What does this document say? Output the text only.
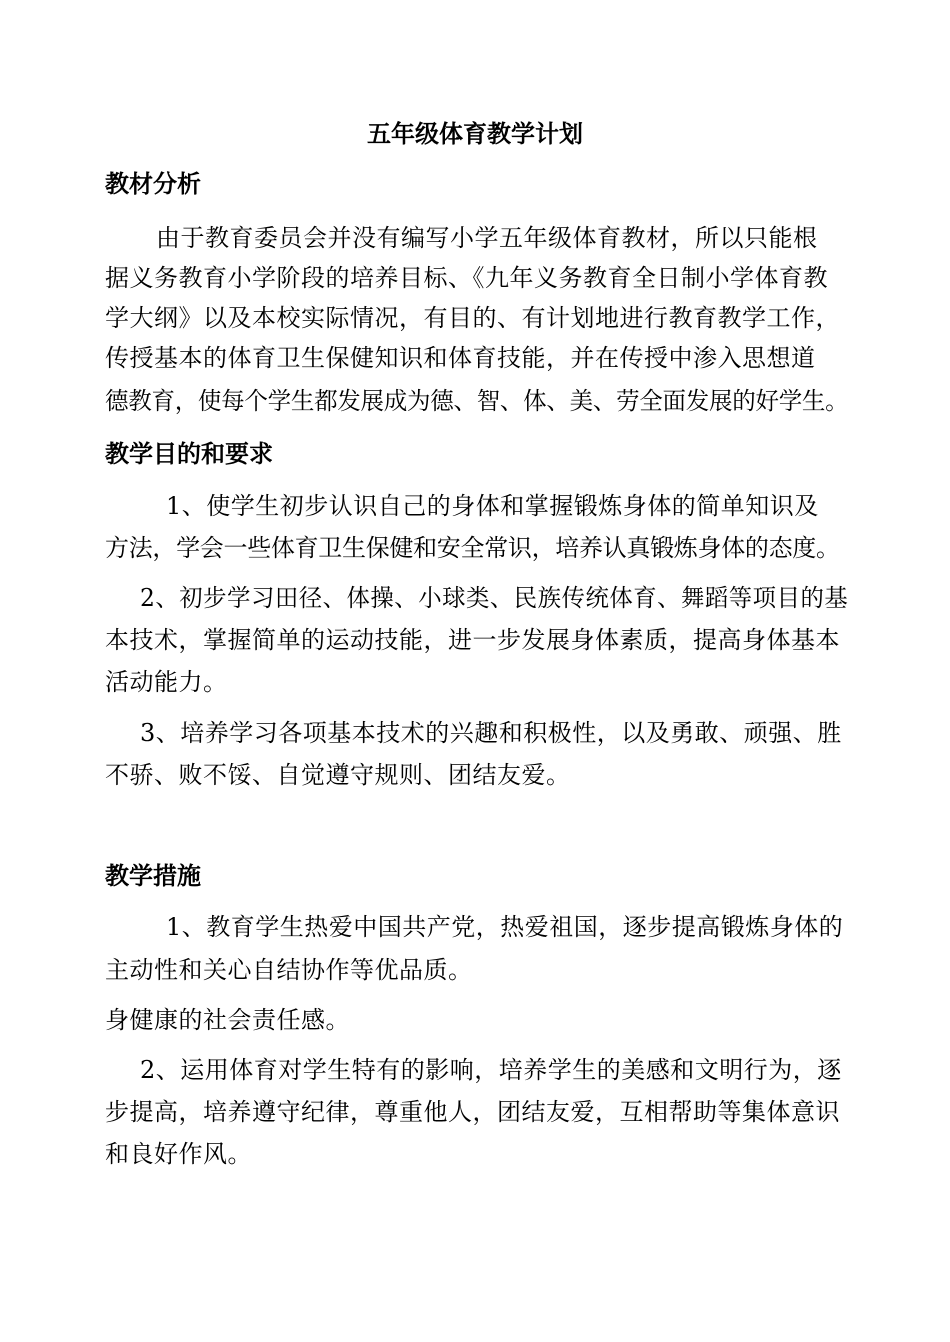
五年级体育教学计划
教材分析
由于教育委员会并没有编写小学五年级体育教材，所以只能根
据义务教育小学阶段的培养目标、《九年义务教育全日制小学体育教
学大纲》以及本校实际情况，有目的、有计划地进行教育教学工作，
传授基本的体育卫生保健知识和体育技能，并在传授中渗入思想道
德教育，使每个学生都发展成为德、智、体、美、劳全面发展的好学生。
教学目的和要求
1、使学生初步认识自己的身体和掌握锻炼身体的简单知识及
方法，学会一些体育卫生保健和安全常识，培养认真锻炼身体的态度。
2、初步学习田径、体操、小球类、民族传统体育、舞蹈等项目的基
本技术，掌握简单的运动技能，进一步发展身体素质，提高身体基本
活动能力。
3、培养学习各项基本技术的兴趣和积极性，以及勇敢、顽强、胜
不骄、败不馁、自觉遵守规则、团结友爱。
教学措施
1、教育学生热爱中国共产党，热爱祖国，逐步提高锻炼身体的
主动性和关心自结协作等优品质。
身健康的社会责任感。
2、运用体育对学生特有的影响，培养学生的美感和文明行为，逐
步提高，培养遵守纪律，尊重他人，团结友爱，互相帮助等集体意识
和良好作风。
